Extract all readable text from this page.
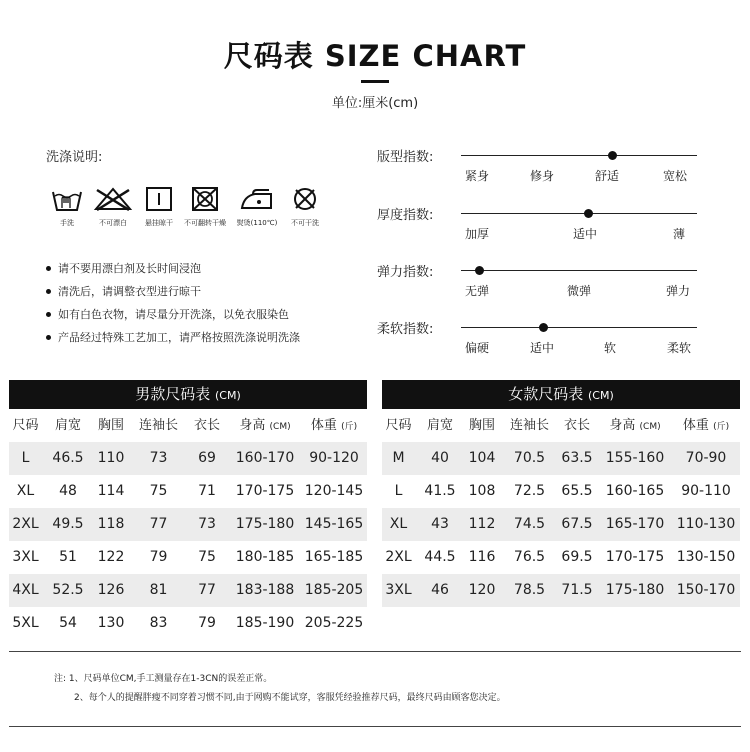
尺码表 SIZE CHART
单位:厘米(cm)
洗涤说明:
手洗	不可漂白	悬挂晾干	不可翻转干燥	熨烫(110℃)	不可干洗
请不要用漂白剂及长时间浸泡
清洗后，请调整衣型进行晾干
如有白色衣物，请尽量分开洗涤，以免衣服染色
产品经过特殊工艺加工，请严格按照洗涤说明洗涤
版型指数:
紧身	修身	舒适	宽松
厚度指数:
加厚	适中	薄
弹力指数:
无弹	微弹	弹力
柔软指数:
偏硬	适中	软	柔软
男款尺码表 (CM)
尺码	肩宽	胸围	连袖长	衣长	身高 (CM)	体重 (斤)
L	46.5	110	73	69	160-170	90-120
XL	48	114	75	71	170-175 120-145
2XL 49.5	118	77	73	175-180 145-165
3XL	51	122	79	75	180-185 165-185
4XL 52.5	126	81	77	183-188 185-205
5XL	54	130	83	79	185-190 205-225
女款尺码表 (CM)
尺码	肩宽	胸围	连袖长	衣长	身高 (CM)	体重 (斤)
M	40	104	70.5	63.5 155-160	70-90
L	41.5 108	72.5	65.5 160-165	90-110
XL	43	112	74.5	67.5 165-170 110-130
2XL 44.5 116	76.5	69.5 170-175 130-150
3XL	46	120	78.5	71.5 175-180 150-170
注: 1、尺码单位CM,手工测量存在1-3CN的误差正常。
2、每个人的提醒胖瘦不同穿着习惯不同,由于网购不能试穿，客服凭经验推荐尺码，最终尺码由顾客您决定。
